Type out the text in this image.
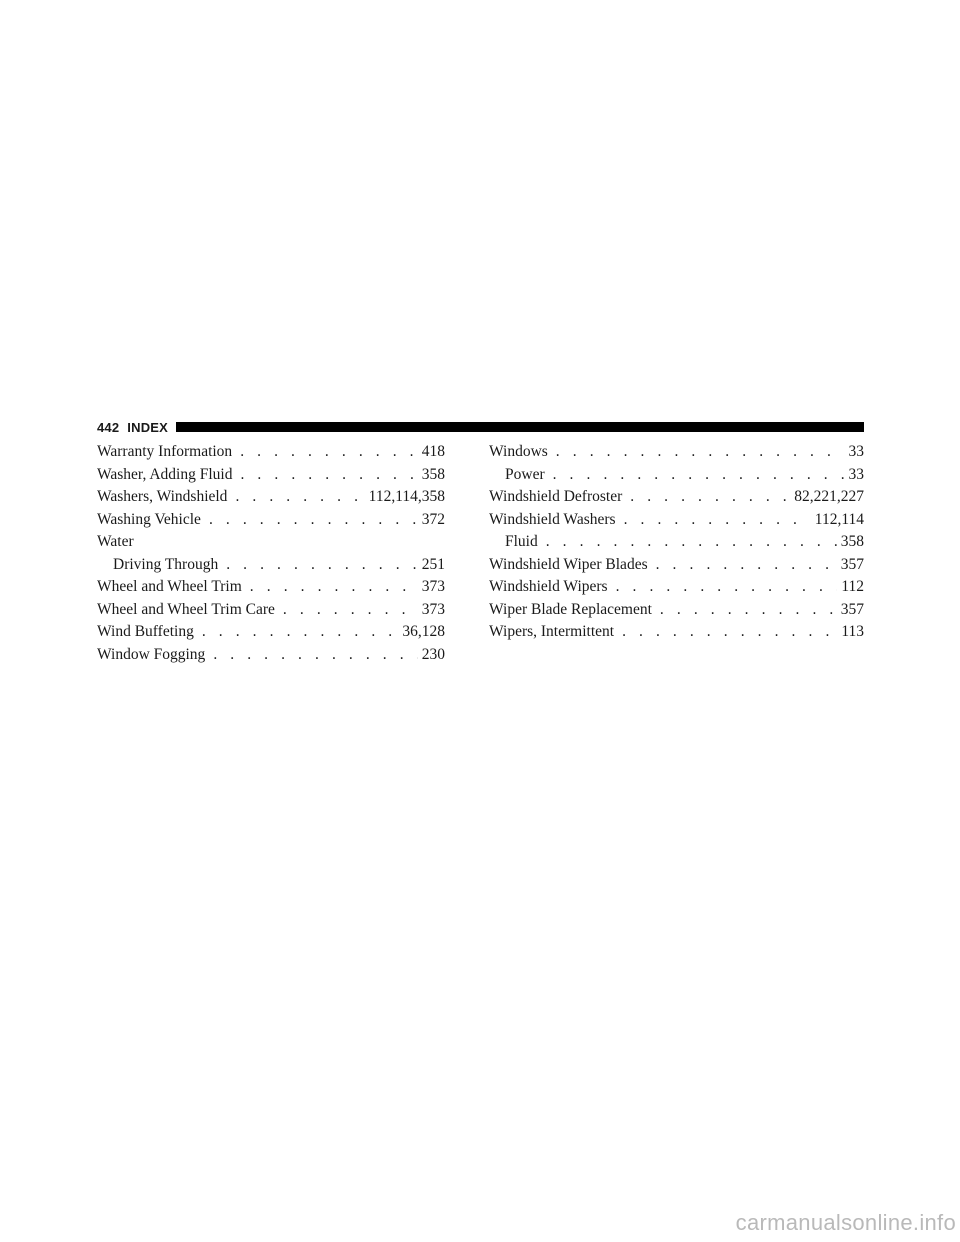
442 INDEX
Warranty Information . . .	418
Washer, Adding Fluid . . .	358
Washers, Windshield . . .	112,114,358
Washing Vehicle . . .	372
Water
Driving Through . . .	251
Wheel and Wheel Trim . . .	373
Wheel and Wheel Trim Care . . .	373
Wind Buffeting . . .	36,128
Window Fogging . . .	230
Windows . . .	33
Power . . .	33
Windshield Defroster . . .	82,221,227
Windshield Washers . . .	112,114
Fluid . . .	358
Windshield Wiper Blades . . .	357
Windshield Wipers . . .	112
Wiper Blade Replacement . . .	357
Wipers, Intermittent . . .	113
carmanualsonline.info
